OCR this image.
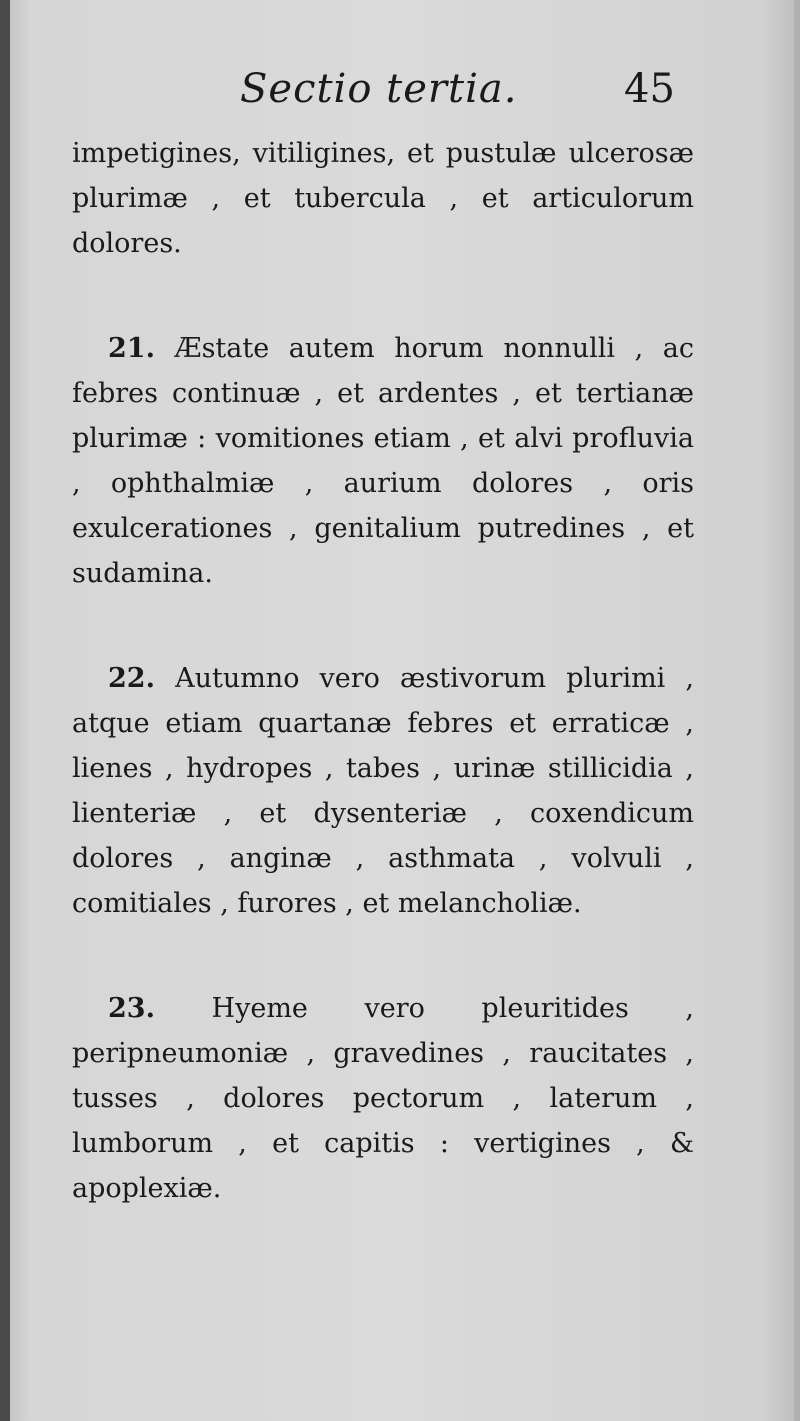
Sectio tertia.	45

impetigines, vitiligines, et pustulæ ulcerosæ plurimæ , et tubercula , et articulorum dolores.

21. Æstate autem horum nonnulli , ac febres continuæ , et ardentes , et tertianæ plurimæ : vomitiones etiam , et alvi profluvia , ophthalmiæ , aurium dolores , oris exulcerationes , genitalium putredines , et sudamina.

22. Autumno vero æstivorum plurimi , atque etiam quartanæ febres et erraticæ , lienes , hydropes , tabes , urinæ stillicidia , lienteriæ , et dysenteriæ , coxendicum dolores , anginæ , asthmata , volvuli , comitiales , furores , et melancholiæ.

23. Hyeme vero pleuritides , peripneumoniæ , gravedines , raucitates , tusses , dolores pectorum , laterum , lumborum , et capitis : vertigines , & apoplexiæ.
